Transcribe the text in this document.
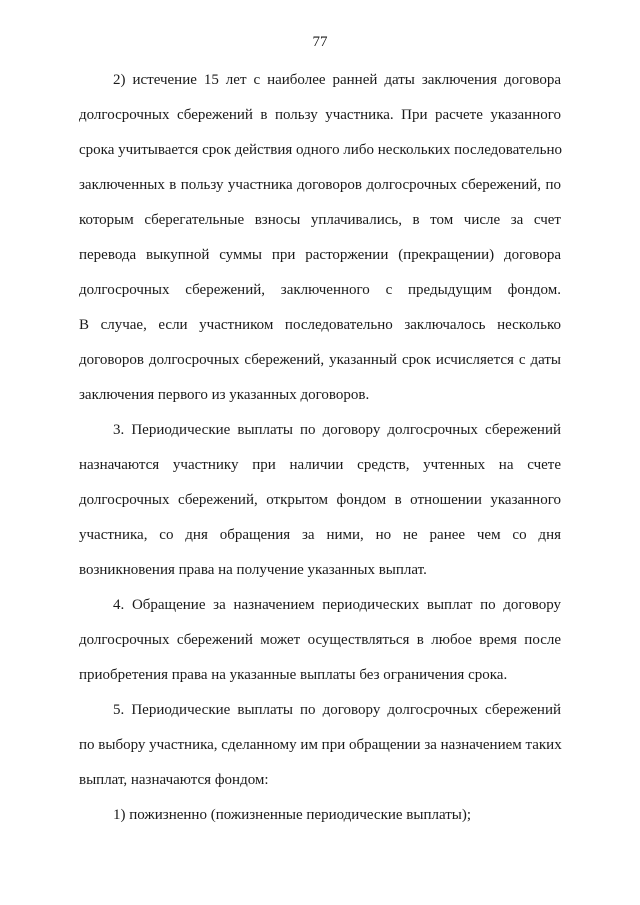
77
2) истечение 15 лет с наиболее ранней даты заключения договора
долгосрочных сбережений в пользу участника. При расчете указанного
срока учитывается срок действия одного либо нескольких последовательно
заключенных в пользу участника договоров долгосрочных сбережений, по
которым сберегательные взносы уплачивались, в том числе за счет
перевода выкупной суммы при расторжении (прекращении) договора
долгосрочных сбережений, заключенного с предыдущим фондом.
В случае, если участником последовательно заключалось несколько
договоров долгосрочных сбережений, указанный срок исчисляется с даты
заключения первого из указанных договоров.
3. Периодические выплаты по договору долгосрочных сбережений
назначаются участнику при наличии средств, учтенных на счете
долгосрочных сбережений, открытом фондом в отношении указанного
участника, со дня обращения за ними, но не ранее чем со дня
возникновения права на получение указанных выплат.
4. Обращение за назначением периодических выплат по договору
долгосрочных сбережений может осуществляться в любое время после
приобретения права на указанные выплаты без ограничения срока.
5. Периодические выплаты по договору долгосрочных сбережений
по выбору участника, сделанному им при обращении за назначением таких
выплат, назначаются фондом:
1) пожизненно (пожизненные периодические выплаты);
